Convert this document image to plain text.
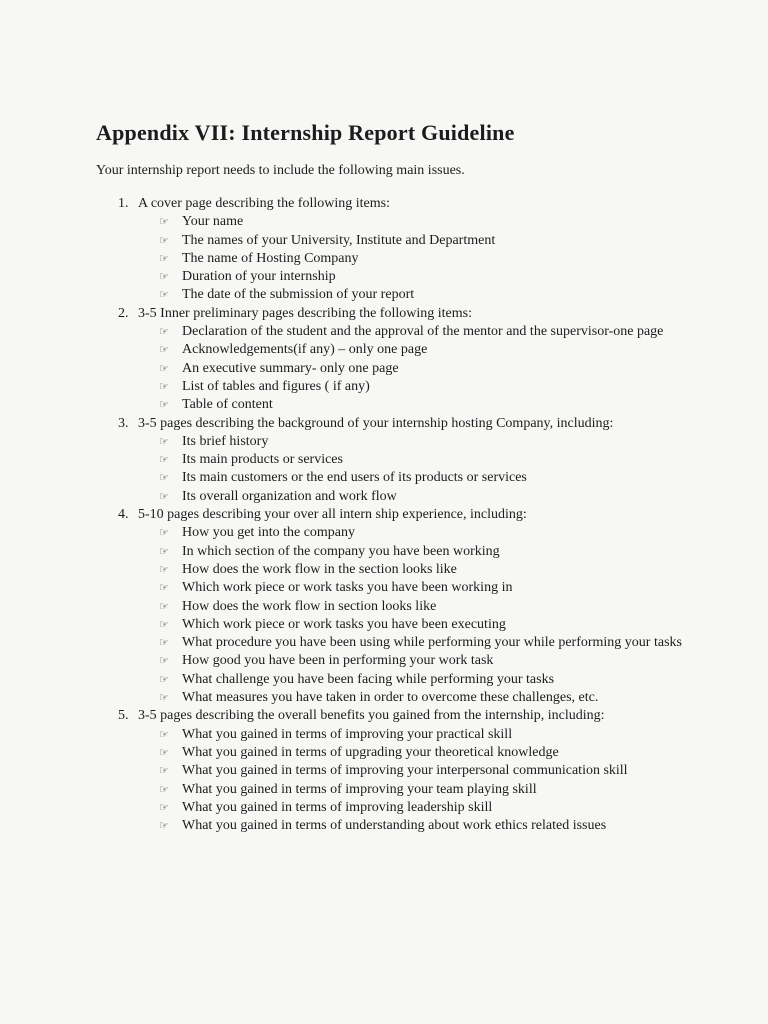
Appendix VII: Internship Report Guideline
Your internship report needs to include the following main issues.
1. A cover page describing the following items:
☞ Your name
☞ The names of your University, Institute and Department
☞ The name of Hosting Company
☞ Duration of your internship
☞ The date of the submission of your report
2. 3-5 Inner preliminary pages describing the following items:
☞ Declaration of the student and the approval of the mentor and the supervisor-one page
☞ Acknowledgements(if any) – only one page
☞ An executive summary- only one page
☞ List of tables and figures ( if any)
☞ Table of content
3. 3-5 pages describing the background of your internship hosting Company, including:
☞ Its brief history
☞ Its main products or services
☞ Its main customers or the end users of its products or services
☞ Its overall organization and work flow
4. 5-10 pages describing your over all intern ship experience, including:
☞ How you get into the company
☞ In which section of the company you have been working
☞ How does the work flow in the section looks like
☞ Which work piece or work tasks you have been working in
☞ How does the work flow in section looks like
☞ Which work piece or work tasks you have been executing
☞ What procedure you have been using while performing your while performing your tasks
☞ How good you have been in performing your work task
☞ What challenge you have been facing while performing your tasks
☞ What measures you have taken in order to overcome these challenges, etc.
5. 3-5 pages describing the overall benefits you gained from the internship, including:
☞ What you gained in terms of improving your practical skill
☞ What you gained in terms of upgrading your theoretical knowledge
☞ What you gained in terms of improving your interpersonal communication skill
☞ What you gained in terms of improving your team playing skill
☞ What you gained in terms of improving leadership skill
☞ What you gained in terms of understanding about work ethics related issues
